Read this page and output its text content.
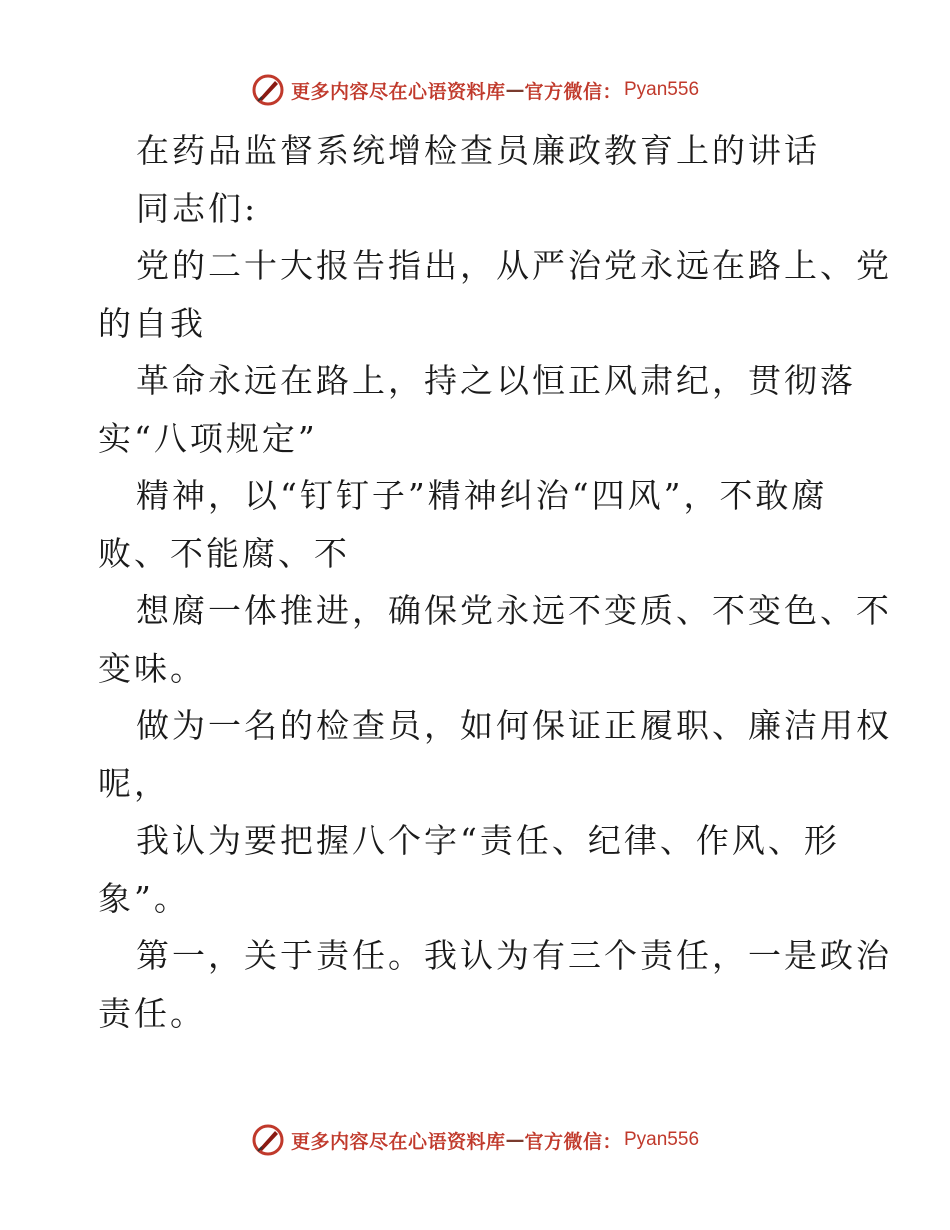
更多内容尽在心语资料库 — 官方微信： Pyan556
在药品监督系统增检查员廉政教育上的讲话
同志们:
党的二十大报告指出，从严治党永远在路上、党
的自我
革命永远在路上，持之以恒正风肃纪，贯彻落
实“八项规定”
精神，以“钉钉子”精神纠治“四风”，不敢腐
败、不能腐、不
想腐一体推进，确保党永远不变质、不变色、不
变味。
做为一名的检查员，如何保证正履职、廉洁用权
呢，
我认为要把握八个字“责任、纪律、作风、形
象”。
第一，关于责任。我认为有三个责任，一是政治
责任。
更多内容尽在心语资料库 — 官方微信： Pyan556
